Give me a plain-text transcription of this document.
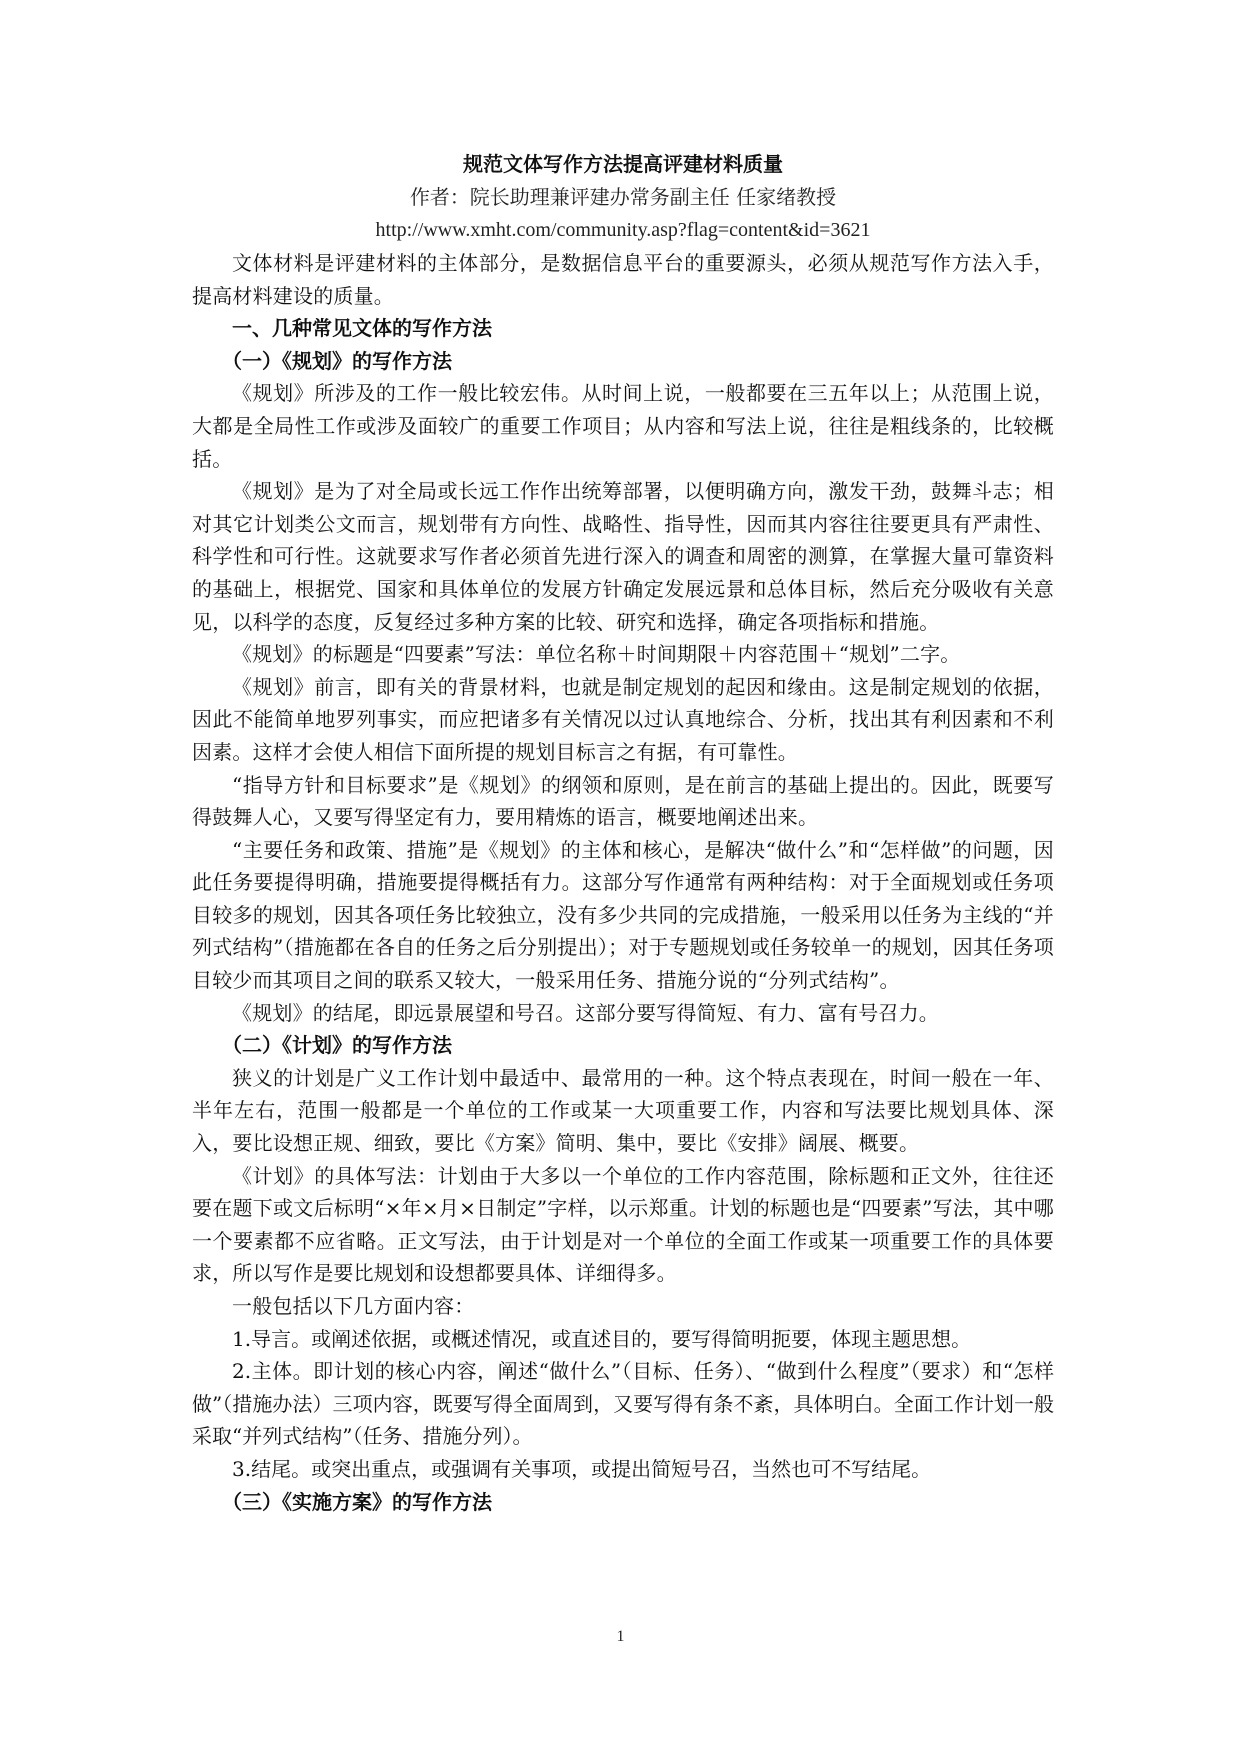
规范文体写作方法提高评建材料质量
作者：院长助理兼评建办常务副主任 任家绪教授
http://www.xmht.com/community.asp?flag=content&id=3621

文体材料是评建材料的主体部分，是数据信息平台的重要源头，必须从规范写作方法入手，提高材料建设的质量。

一、几种常见文体的写作方法
（一）《规划》的写作方法

《规划》所涉及的工作一般比较宏伟。从时间上说，一般都要在三五年以上；从范围上说，大都是全局性工作或涉及面较广的重要工作项目；从内容和写法上说，往往是粗线条的，比较概括。

《规划》是为了对全局或长远工作作出统筹部署，以便明确方向，激发干劲，鼓舞斗志；相对其它计划类公文而言，规划带有方向性、战略性、指导性，因而其内容往往要更具有严肃性、科学性和可行性。这就要求写作者必须首先进行深入的调查和周密的测算，在掌握大量可靠资料的基础上，根据党、国家和具体单位的发展方针确定发展远景和总体目标，然后充分吸收有关意见，以科学的态度，反复经过多种方案的比较、研究和选择，确定各项指标和措施。

《规划》的标题是“四要素”写法：单位名称＋时间期限＋内容范围＋“规划”二字。

《规划》前言，即有关的背景材料，也就是制定规划的起因和缘由。这是制定规划的依据，因此不能简单地罗列事实，而应把诸多有关情况以过认真地综合、分析，找出其有利因素和不利因素。这样才会使人相信下面所提的规划目标言之有据，有可靠性。

“指导方针和目标要求”是《规划》的纲领和原则，是在前言的基础上提出的。因此，既要写得鼓舞人心，又要写得坚定有力，要用精炼的语言，概要地阐述出来。

“主要任务和政策、措施”是《规划》的主体和核心，是解决“做什么”和“怎样做”的问题，因此任务要提得明确，措施要提得概括有力。这部分写作通常有两种结构：对于全面规划或任务项目较多的规划，因其各项任务比较独立，没有多少共同的完成措施，一般采用以任务为主线的“并列式结构”（措施都在各自的任务之后分别提出）；对于专题规划或任务较单一的规划，因其任务项目较少而其项目之间的联系又较大，一般采用任务、措施分说的“分列式结构”。

《规划》的结尾，即远景展望和号召。这部分要写得简短、有力、富有号召力。

（二）《计划》的写作方法

狭义的计划是广义工作计划中最适中、最常用的一种。这个特点表现在，时间一般在一年、半年左右，范围一般都是一个单位的工作或某一大项重要工作，内容和写法要比规划具体、深入，要比设想正规、细致，要比《方案》简明、集中，要比《安排》阔展、概要。

《计划》的具体写法：计划由于大多以一个单位的工作内容范围，除标题和正文外，往往还要在题下或文后标明“×年×月×日制定”字样，以示郑重。计划的标题也是“四要素”写法，其中哪一个要素都不应省略。正文写法，由于计划是对一个单位的全面工作或某一项重要工作的具体要求，所以写作是要比规划和设想都要具体、详细得多。

一般包括以下几方面内容：

1.导言。或阐述依据，或概述情况，或直述目的，要写得简明扼要，体现主题思想。

2.主体。即计划的核心内容，阐述“做什么”（目标、任务）、“做到什么程度”（要求）和“怎样做”（措施办法）三项内容，既要写得全面周到，又要写得有条不紊，具体明白。全面工作计划一般采取“并列式结构”（任务、措施分列）。

3.结尾。或突出重点，或强调有关事项，或提出简短号召，当然也可不写结尾。

（三）《实施方案》的写作方法
1
